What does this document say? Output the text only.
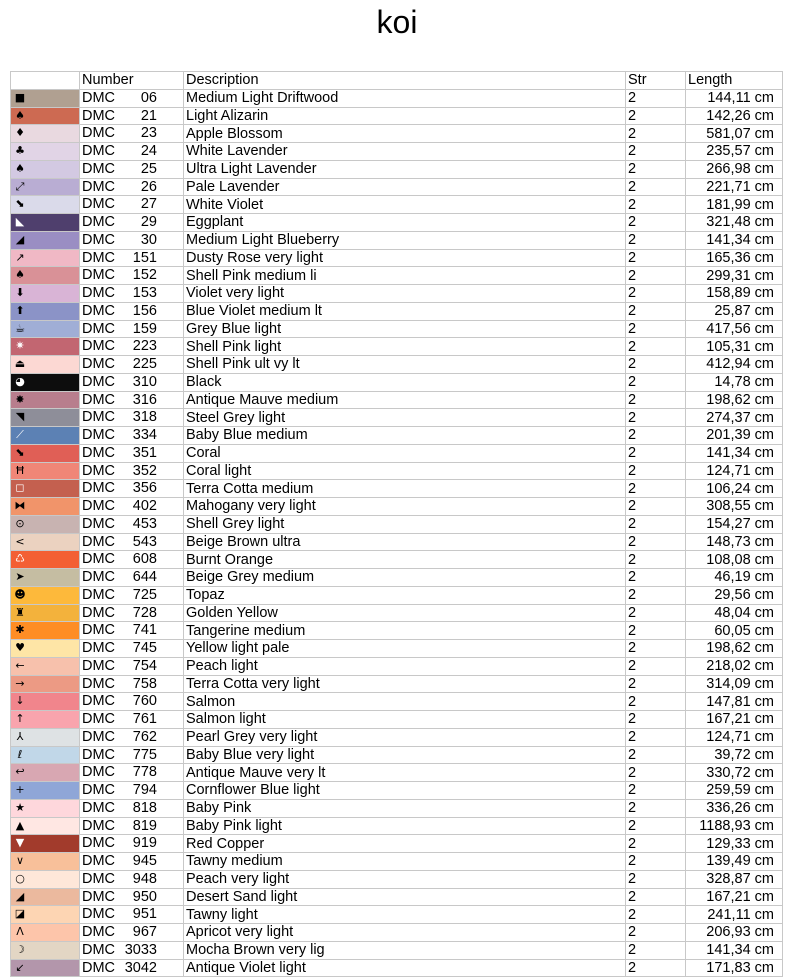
koi
	Number	Description	Str	Length

■	DMC 06	Medium Light Driftwood	2	144,11 cm

♠	DMC 21	Light Alizarin	2	142,26 cm

♦	DMC 23	Apple Blossom	2	581,07 cm

♣	DMC 24	White Lavender	2	235,57 cm

♠	DMC 25	Ultra Light Lavender	2	266,98 cm

⤢	DMC 26	Pale Lavender	2	221,71 cm

⬊	DMC 27	White Violet	2	181,99 cm

◣	DMC 29	Eggplant	2	321,48 cm

◢	DMC 30	Medium Light Blueberry	2	141,34 cm

↗	DMC 151	Dusty Rose very light	2	165,36 cm

♠	DMC 152	Shell Pink medium li	2	299,31 cm

⬇	DMC 153	Violet very light	2	158,89 cm

⬆	DMC 156	Blue Violet medium lt	2	25,87 cm

☕	DMC 159	Grey Blue light	2	417,56 cm

✷	DMC 223	Shell Pink light	2	105,31 cm

⏏	DMC 225	Shell Pink ult vy lt	2	412,94 cm

◕	DMC 310	Black	2	14,78 cm

✸	DMC 316	Antique Mauve medium	2	198,62 cm

◥	DMC 318	Steel Grey light	2	274,37 cm

⟋	DMC 334	Baby Blue medium	2	201,39 cm

⬊	DMC 351	Coral	2	141,34 cm

Ħ	DMC 352	Coral light	2	124,71 cm

◻	DMC 356	Terra Cotta medium	2	106,24 cm

⧓	DMC 402	Mahogany very light	2	308,55 cm

⊙	DMC 453	Shell Grey light	2	154,27 cm

<	DMC 543	Beige Brown ultra	2	148,73 cm

♺	DMC 608	Burnt Orange	2	108,08 cm

➤	DMC 644	Beige Grey medium	2	46,19 cm

☻	DMC 725	Topaz	2	29,56 cm

♜	DMC 728	Golden Yellow	2	48,04 cm

✱	DMC 741	Tangerine medium	2	60,05 cm

♥	DMC 745	Yellow light pale	2	198,62 cm

←	DMC 754	Peach light	2	218,02 cm

→	DMC 758	Terra Cotta very light	2	314,09 cm

↓	DMC 760	Salmon	2	147,81 cm

↑	DMC 761	Salmon light	2	167,21 cm

⅄	DMC 762	Pearl Grey very light	2	124,71 cm

ℓ	DMC 775	Baby Blue very light	2	39,72 cm

↩	DMC 778	Antique Mauve very lt	2	330,72 cm

+	DMC 794	Cornflower Blue light	2	259,59 cm

★	DMC 818	Baby Pink	2	336,26 cm

▲	DMC 819	Baby Pink light	2	1188,93 cm

▼	DMC 919	Red Copper	2	129,33 cm

∨	DMC 945	Tawny medium	2	139,49 cm

○	DMC 948	Peach very light	2	328,87 cm

◢	DMC 950	Desert Sand light	2	167,21 cm

◪	DMC 951	Tawny light	2	241,11 cm

Λ	DMC 967	Apricot very light	2	206,93 cm

☽	DMC 3033	Mocha Brown very lig	2	141,34 cm

↙	DMC 3042	Antique Violet light	2	171,83 cm
